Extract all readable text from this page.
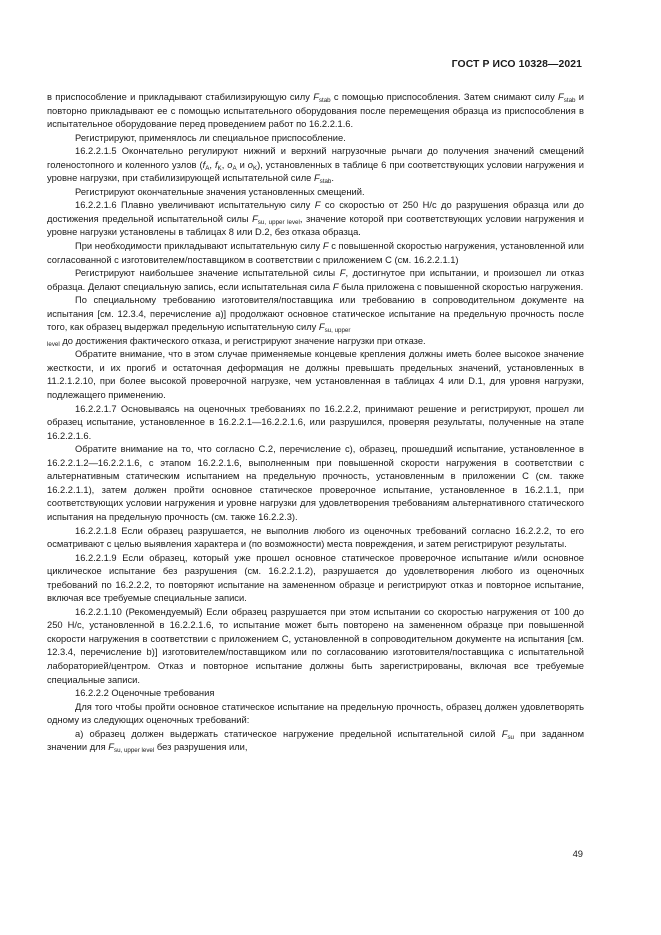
ГОСТ Р ИСО 10328—2021

в приспособление и прикладывают стабилизирующую силу $F_{stab}$ с помощью приспособления. Затем снимают силу $F_{stab}$ и повторно прикладывают ее с помощью испытательного оборудования после перемещения образца из приспособления в испытательное оборудование перед проведением работ по 16.2.2.1.6.

Регистрируют, применялось ли специальное приспособление.

16.2.2.1.5 Окончательно регулируют нижний и верхний нагрузочные рычаги до получения значений смещений голеностопного и коленного узлов ($f_A$, $f_K$, $o_A$ и $o_K$), установленных в таблице 6 при соответствующих условии нагружения и уровне нагрузки, при стабилизирующей испытательной силе $F_{stab}$.

Регистрируют окончательные значения установленных смещений.

16.2.2.1.6 Плавно увеличивают испытательную силу F со скоростью от 250 Н/с до разрушения образца или до достижения предельной испытательной силы $F_{su, upper level}$, значение которой при соответствующих условии нагружения и уровне нагрузки установлены в таблицах 8 или D.2, без отказа образца.

При необходимости прикладывают испытательную силу F с повышенной скоростью нагружения, установленной или согласованной с изготовителем/поставщиком в соответствии с приложением С (см. 16.2.2.1.1)

Регистрируют наибольшее значение испытательной силы F, достигнутое при испытании, и произошел ли отказ образца. Делают специальную запись, если испытательная сила F была приложена с повышенной скоростью нагружения.

По специальному требованию изготовителя/поставщика или требованию в сопроводительном документе на испытания [см. 12.3.4, перечисление а)] продолжают основное статическое испытание на предельную прочность после того, как образец выдержал предельную испытательную силу $F_{su, upper}$
$_{level}$ до достижения фактического отказа, и регистрируют значение нагрузки при отказе.

Обратите внимание, что в этом случае применяемые концевые крепления должны иметь более высокое значение жесткости, и их прогиб и остаточная деформация не должны превышать предельных значений, установленных в 11.2.1.2.10, при более высокой проверочной нагрузке, чем установленная в таблицах 4 или D.1, для уровня нагрузки, подлежащего применению.

16.2.2.1.7 Основываясь на оценочных требованиях по 16.2.2.2, принимают решение и регистрируют, прошел ли образец испытание, установленное в 16.2.2.1—16.2.2.1.6, или разрушился, проверяя результаты, полученные на этапе 16.2.2.1.6.

Обратите внимание на то, что согласно С.2, перечисление с), образец, прошедший испытание, установленное в 16.2.2.1.2—16.2.2.1.6, с этапом 16.2.2.1.6, выполненным при повышенной скорости нагружения в соответствии с альтернативным статическим испытанием на предельную прочность, установленным в приложении С (см. также 16.2.2.1.1), затем должен пройти основное статическое проверочное испытание, установленное в 16.2.1.1, при соответствующих условии нагружения и уровне нагрузки для удовлетворения требованиям альтернативного статического испытания на предельную прочность (см. также 16.2.2.3).

16.2.2.1.8 Если образец разрушается, не выполнив любого из оценочных требований согласно 16.2.2.2, то его осматривают с целью выявления характера и (по возможности) места повреждения, и затем регистрируют результаты.

16.2.2.1.9 Если образец, который уже прошел основное статическое проверочное испытание и/или основное циклическое испытание без разрушения (см. 16.2.2.1.2), разрушается до удовлетворения любого из оценочных требований по 16.2.2.2, то повторяют испытание на замененном образце и регистрируют отказ и повторное испытание, включая все требуемые специальные записи.

16.2.2.1.10 (Рекомендуемый) Если образец разрушается при этом испытании со скоростью нагружения от 100 до 250 Н/с, установленной в 16.2.2.1.6, то испытание может быть повторено на замененном образце при повышенной скорости нагружения в соответствии с приложением С, установленной в сопроводительном документе на испытания [см. 12.3.4, перечисление b)] изготовителем/поставщиком или по согласованию изготовителя/поставщика с испытательной лабораторией/центром. Отказ и повторное испытание должны быть зарегистрированы, включая все требуемые специальные записи.

16.2.2.2 Оценочные требования

Для того чтобы пройти основное статическое испытание на предельную прочность, образец должен удовлетворять одному из следующих оценочных требований:

а) образец должен выдержать статическое нагружение предельной испытательной силой $F_{su}$ при заданном значении для $F_{su, upper level}$ без разрушения или,

49
